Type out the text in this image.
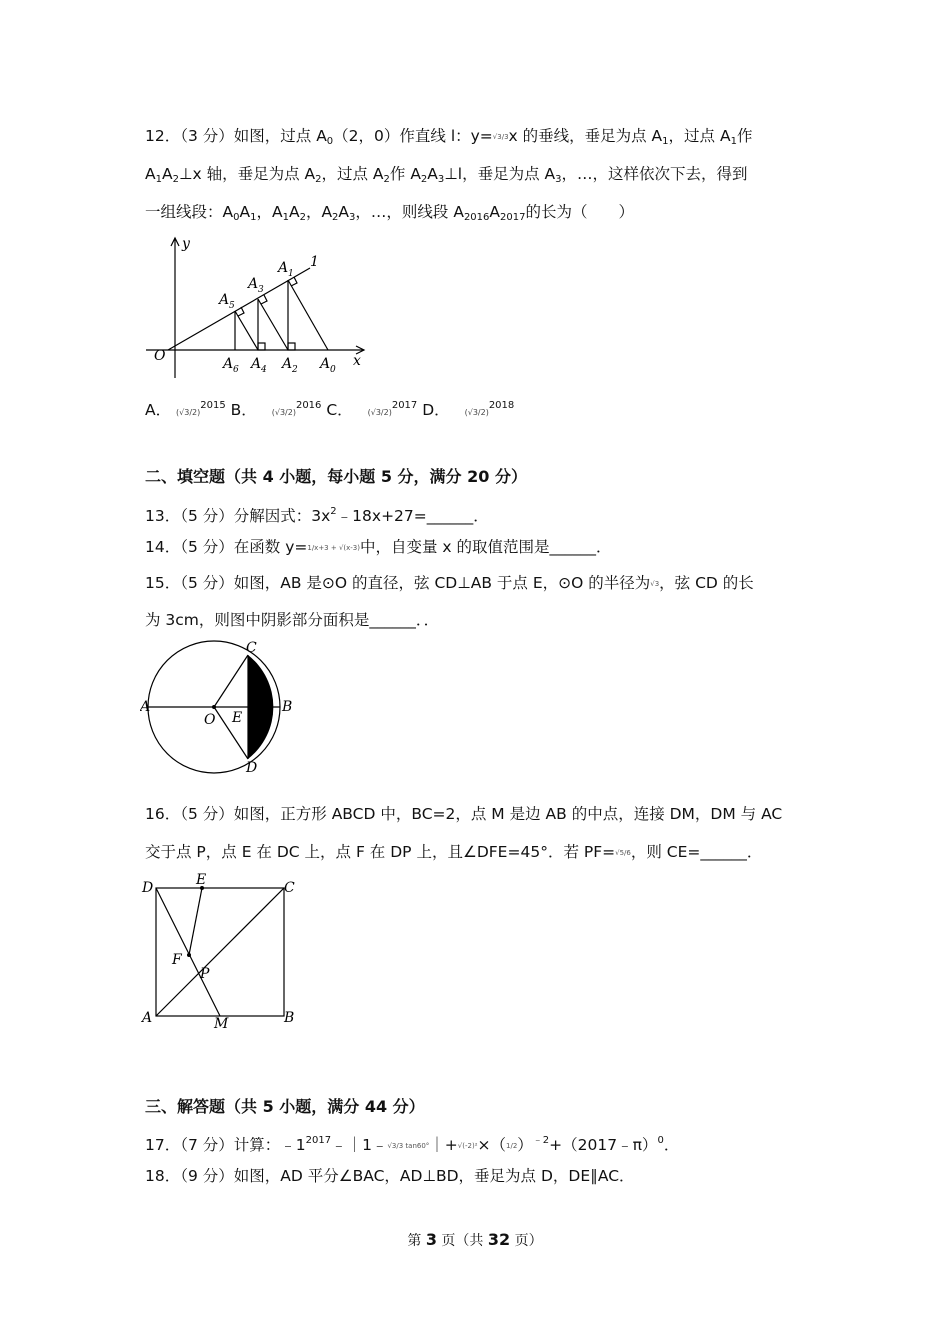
12．（3 分）如图，过点 $A_0(2$，0）作直线 l：y=√3/3x 的垂线，垂足为点 $A_1$，过点 $A_1$作
$A_1A_2\perp x$ 轴，垂足为点 $A_2$，过点 $A_2$作 $A_2A_3\perp l$，垂足为点 $A_3$，…，这样依次下去，得到
一组线段：$A_0A_1$，$A_1A_2$，$A_2A_3$，…，则线段 $A_{2016}A_{2017}$的长为（　　）
y
x
O
1
A 1
A 3
A 5
A 6 A 4 A 2 A 0
A． $(√3/2)^{2015}$ B． $(√3/2)^{2016}$ C． $(√3/2)^{2017}$ D． $(√3/2)^{2018}$
二、填空题（共 4 小题，每小题 5 分，满分 20 分）
13．（5 分）分解因式：$3x^2﹣18x+27=\_\_\_\_\_\_$．
14．（5 分）在函数 y=1/x+3 + √(x-3)中，自变量 x 的取值范围是______．
15．（5 分）如图，AB 是⊙O 的直径，弦 CD⊥AB 于点 E，⊙O 的半径为√3，弦 CD 的长
为 3cm，则图中阴影部分面积是______．．
A	B
C
D
E
O
16．（5 分）如图，正方形 ABCD 中，BC=2，点 M 是边 AB 的中点，连接 DM，DM 与 AC
交于点 P，点 E 在 DC 上，点 F 在 DP 上，且∠DFE=45°．若 PF=√5/6，则 CE=______．
D	C
E
A	B
M
F
P
三、解答题（共 5 小题，满分 44 分）
17．（7 分）计算：$﹣1^{2017}﹣|1﹣√3/3$ $\tan 60^\circ|+√(-2)^2\times(1/2)^{﹣2}+(2017﹣\pi)^0$．
18．（9 分）如图，AD 平分∠BAC，AD⊥BD，垂足为点 D，DE∥AC．
第 3 页（共 32 页）
